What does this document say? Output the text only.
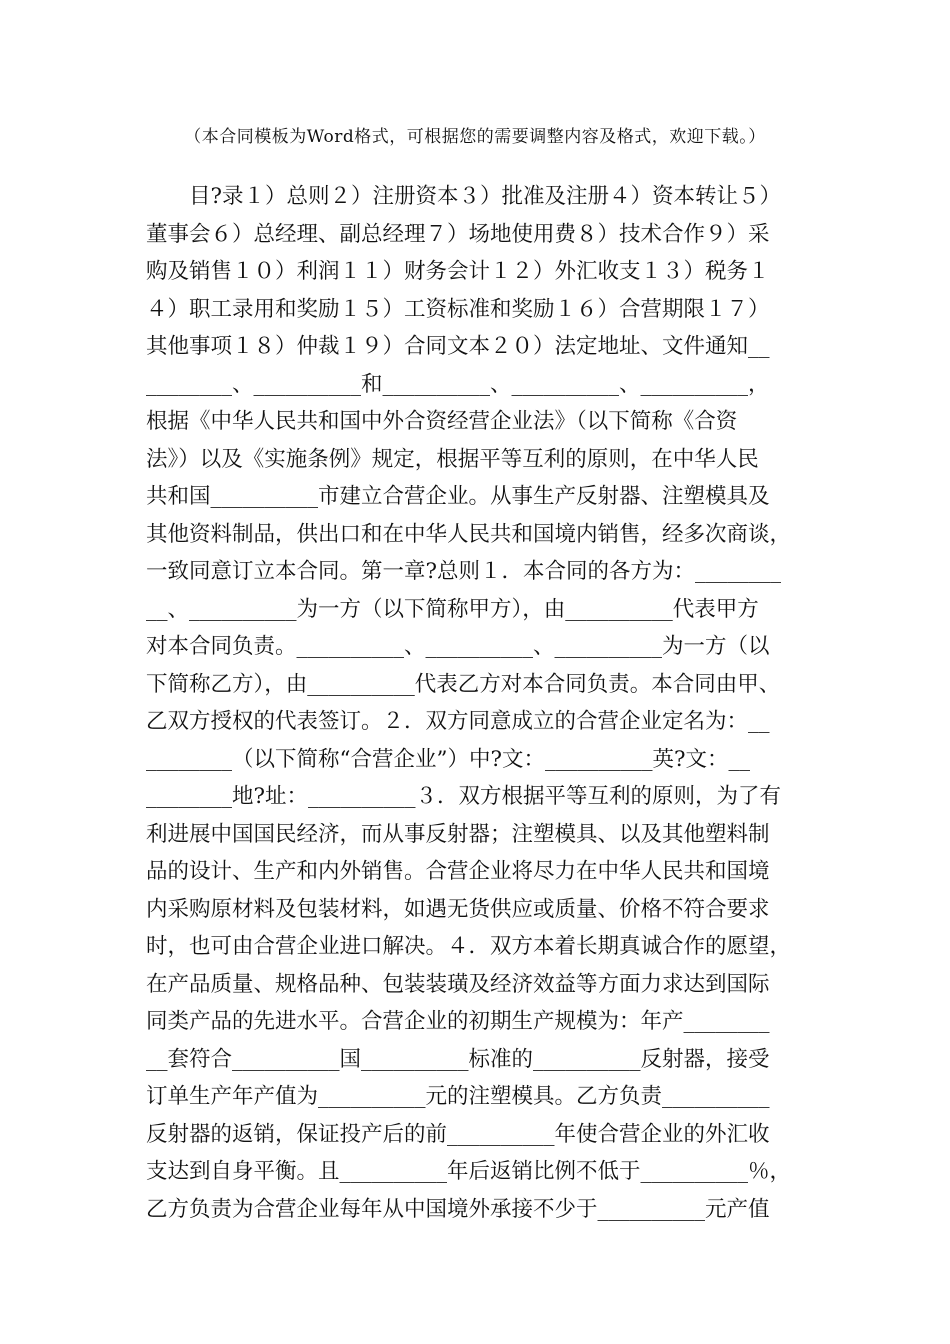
（本合同模板为Word格式，可根据您的需要调整内容及格式，欢迎下载。）
目?录１）总则２）注册资本３）批准及注册４）资本转让５）
董事会６）总经理、副总经理７）场地使用费８）技术合作９）采
购及销售１０）利润１１）财务会计１２）外汇收支１３）税务１
４）职工录用和奖励１５）工资标准和奖励１６）合营期限１７）
其他事项１８）仲裁１９）合同文本２０）法定地址、文件通知__
________、__________和__________、__________、__________，
根据《中华人民共和国中外合资经营企业法》（以下简称《合资
法》）以及《实施条例》规定，根据平等互利的原则，在中华人民
共和国__________市建立合营企业。从事生产反射器、注塑模具及
其他资料制品，供出口和在中华人民共和国境内销售，经多次商谈，
一致同意订立本合同。第一章?总则１．本合同的各方为：________
__、__________为一方（以下简称甲方），由__________代表甲方
对本合同负责。__________、__________、__________为一方（以
下简称乙方），由__________代表乙方对本合同负责。本合同由甲、
乙双方授权的代表签订。２．双方同意成立的合营企业定名为：__
________（以下简称“合营企业”）中?文：__________英?文：__
________地?址：__________３．双方根据平等互利的原则，为了有
利进展中国国民经济，而从事反射器；注塑模具、以及其他塑料制
品的设计、生产和内外销售。合营企业将尽力在中华人民共和国境
内采购原材料及包装材料，如遇无货供应或质量、价格不符合要求
时，也可由合营企业进口解决。４．双方本着长期真诚合作的愿望，
在产品质量、规格品种、包装装璜及经济效益等方面力求达到国际
同类产品的先进水平。合营企业的初期生产规模为：年产________
__套符合__________国__________标准的__________反射器，接受
订单生产年产值为__________元的注塑模具。乙方负责__________
反射器的返销，保证投产后的前__________年使合营企业的外汇收
支达到自身平衡。且__________年后返销比例不低于__________％，
乙方负责为合营企业每年从中国境外承接不少于__________元产值
